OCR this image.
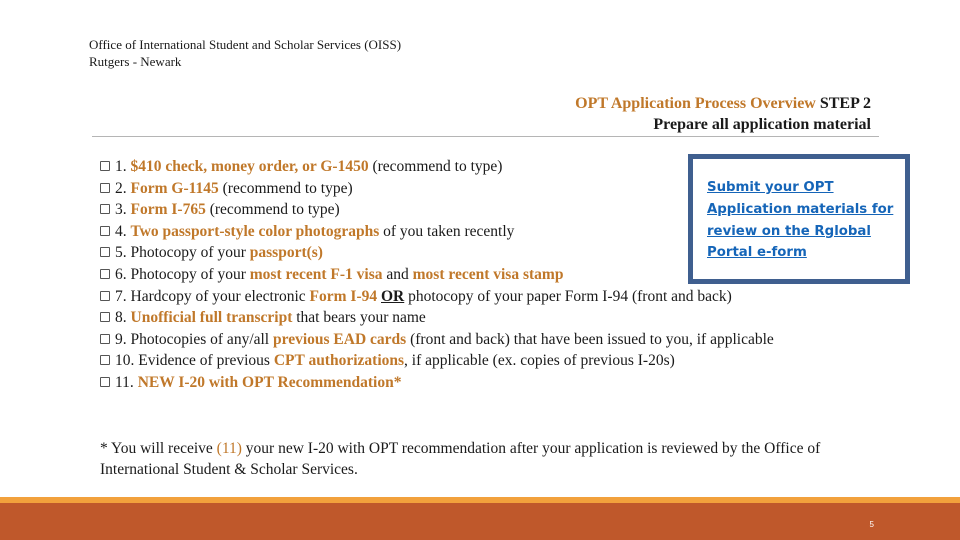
Office of International Student and Scholar Services (OISS)
Rutgers - Newark
OPT Application Process Overview STEP 2
Prepare all application material
1. $410 check, money order, or G-1450 (recommend to type)
2. Form G-1145 (recommend to type)
3. Form I-765 (recommend to type)
4. Two passport-style color photographs of you taken recently
5. Photocopy of your passport(s)
6. Photocopy of your most recent F-1 visa and most recent visa stamp
7. Hardcopy of your electronic Form I-94 OR photocopy of your paper Form I-94 (front and back)
8. Unofficial full transcript that bears your name
9. Photocopies of any/all previous EAD cards (front and back) that have been issued to you, if applicable
10. Evidence of previous CPT authorizations, if applicable (ex. copies of previous I-20s)
11. NEW I-20 with OPT Recommendation*
Submit your OPT Application materials for review on the Rglobal Portal e-form
* You will receive (11) your new I-20 with OPT recommendation after your application is reviewed by the Office of International Student & Scholar Services.
5
